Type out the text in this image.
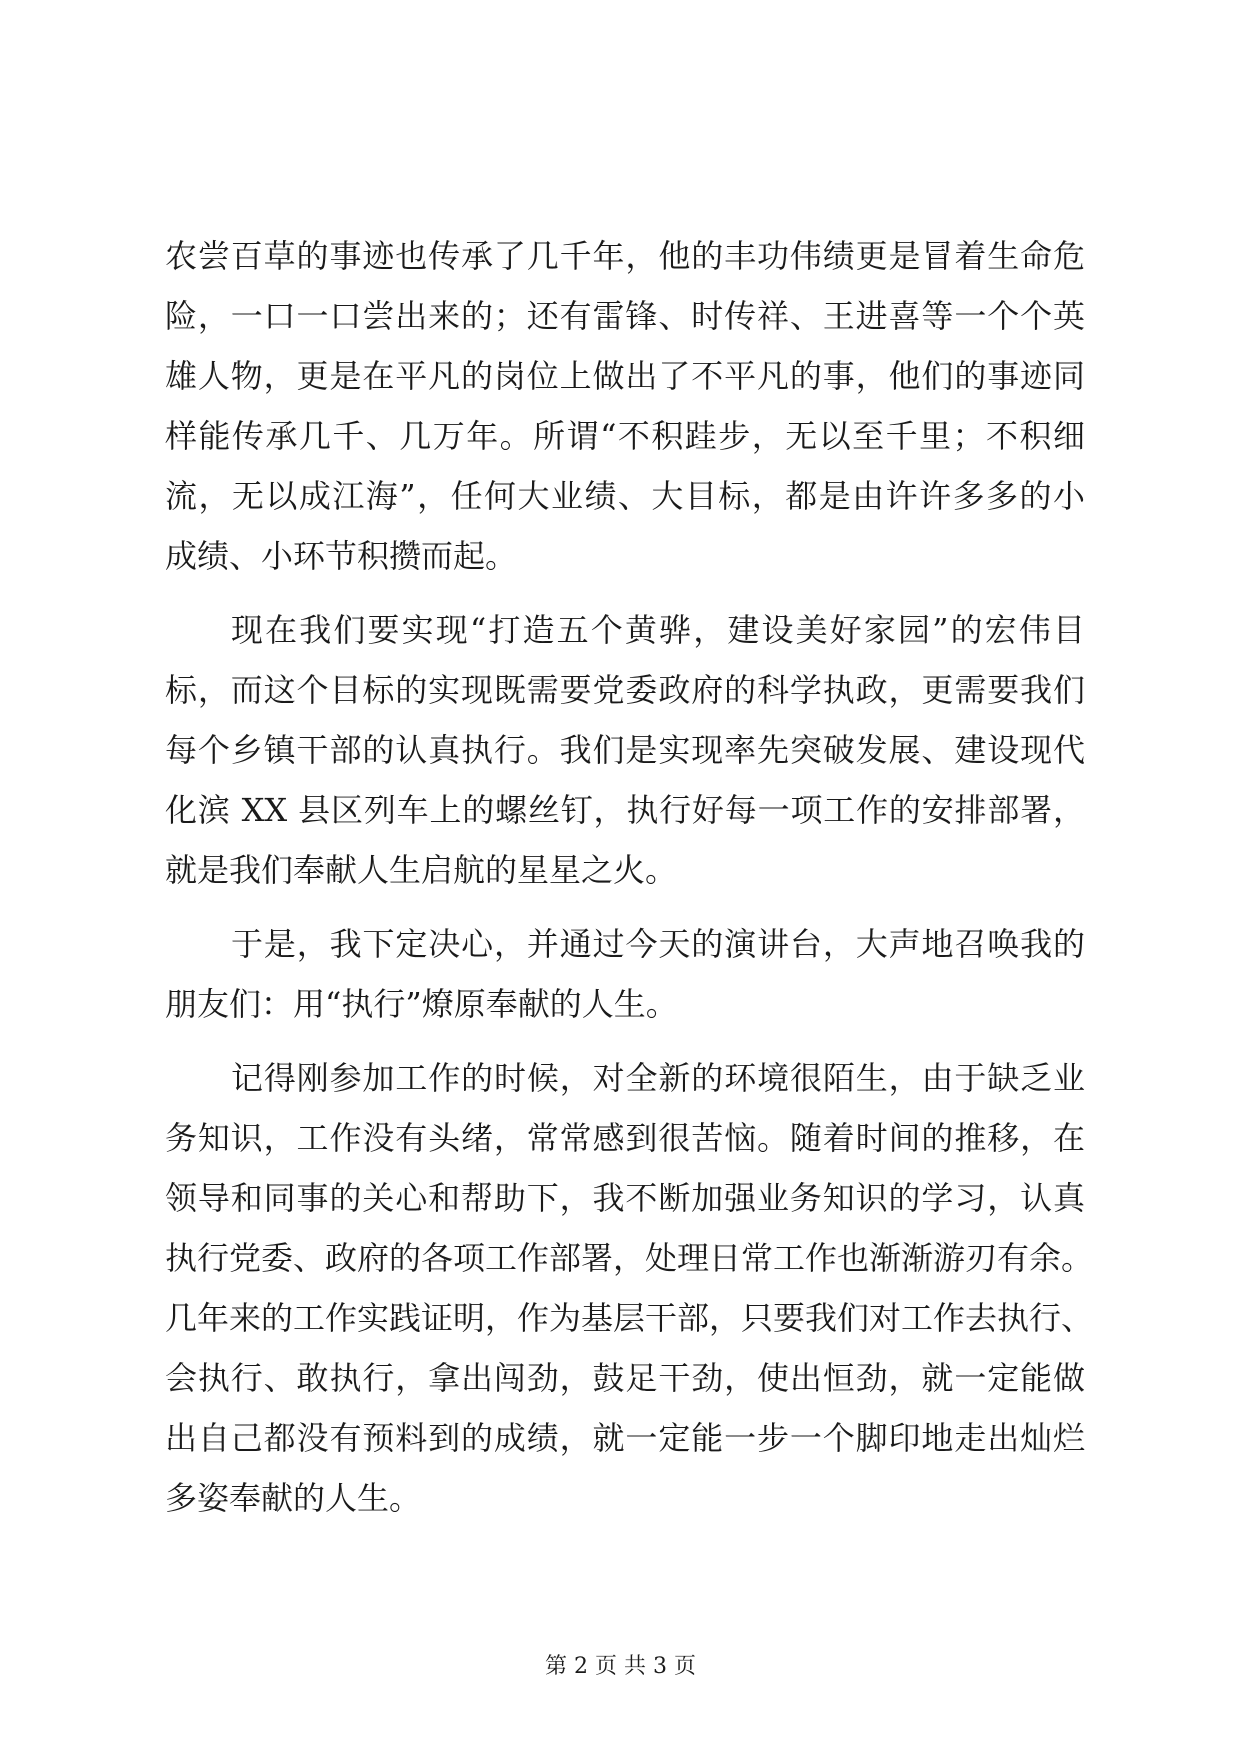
农尝百草的事迹也传承了几千年，他的丰功伟绩更是冒着生命危
险，一口一口尝出来的；还有雷锋、时传祥、王进喜等一个个英
雄人物，更是在平凡的岗位上做出了不平凡的事，他们的事迹同
样能传承几千、几万年。所谓“不积跬步，无以至千里；不积细
流，无以成江海”，任何大业绩、大目标，都是由许许多多的小
成绩、小环节积攒而起。
现在我们要实现“打造五个黄骅，建设美好家园”的宏伟目
标，而这个目标的实现既需要党委政府的科学执政，更需要我们
每个乡镇干部的认真执行。我们是实现率先突破发展、建设现代
化滨 XX 县区列车上的螺丝钉，执行好每一项工作的安排部署，
就是我们奉献人生启航的星星之火。
于是，我下定决心，并通过今天的演讲台，大声地召唤我的
朋友们：用“执行”燎原奉献的人生。
记得刚参加工作的时候，对全新的环境很陌生，由于缺乏业
务知识，工作没有头绪，常常感到很苦恼。随着时间的推移，在
领导和同事的关心和帮助下，我不断加强业务知识的学习，认真
执行党委、政府的各项工作部署，处理日常工作也渐渐游刃有余。
几年来的工作实践证明，作为基层干部，只要我们对工作去执行、
会执行、敢执行，拿出闯劲，鼓足干劲，使出恒劲，就一定能做
出自己都没有预料到的成绩，就一定能一步一个脚印地走出灿烂
多姿奉献的人生。
第 2 页 共 3 页
